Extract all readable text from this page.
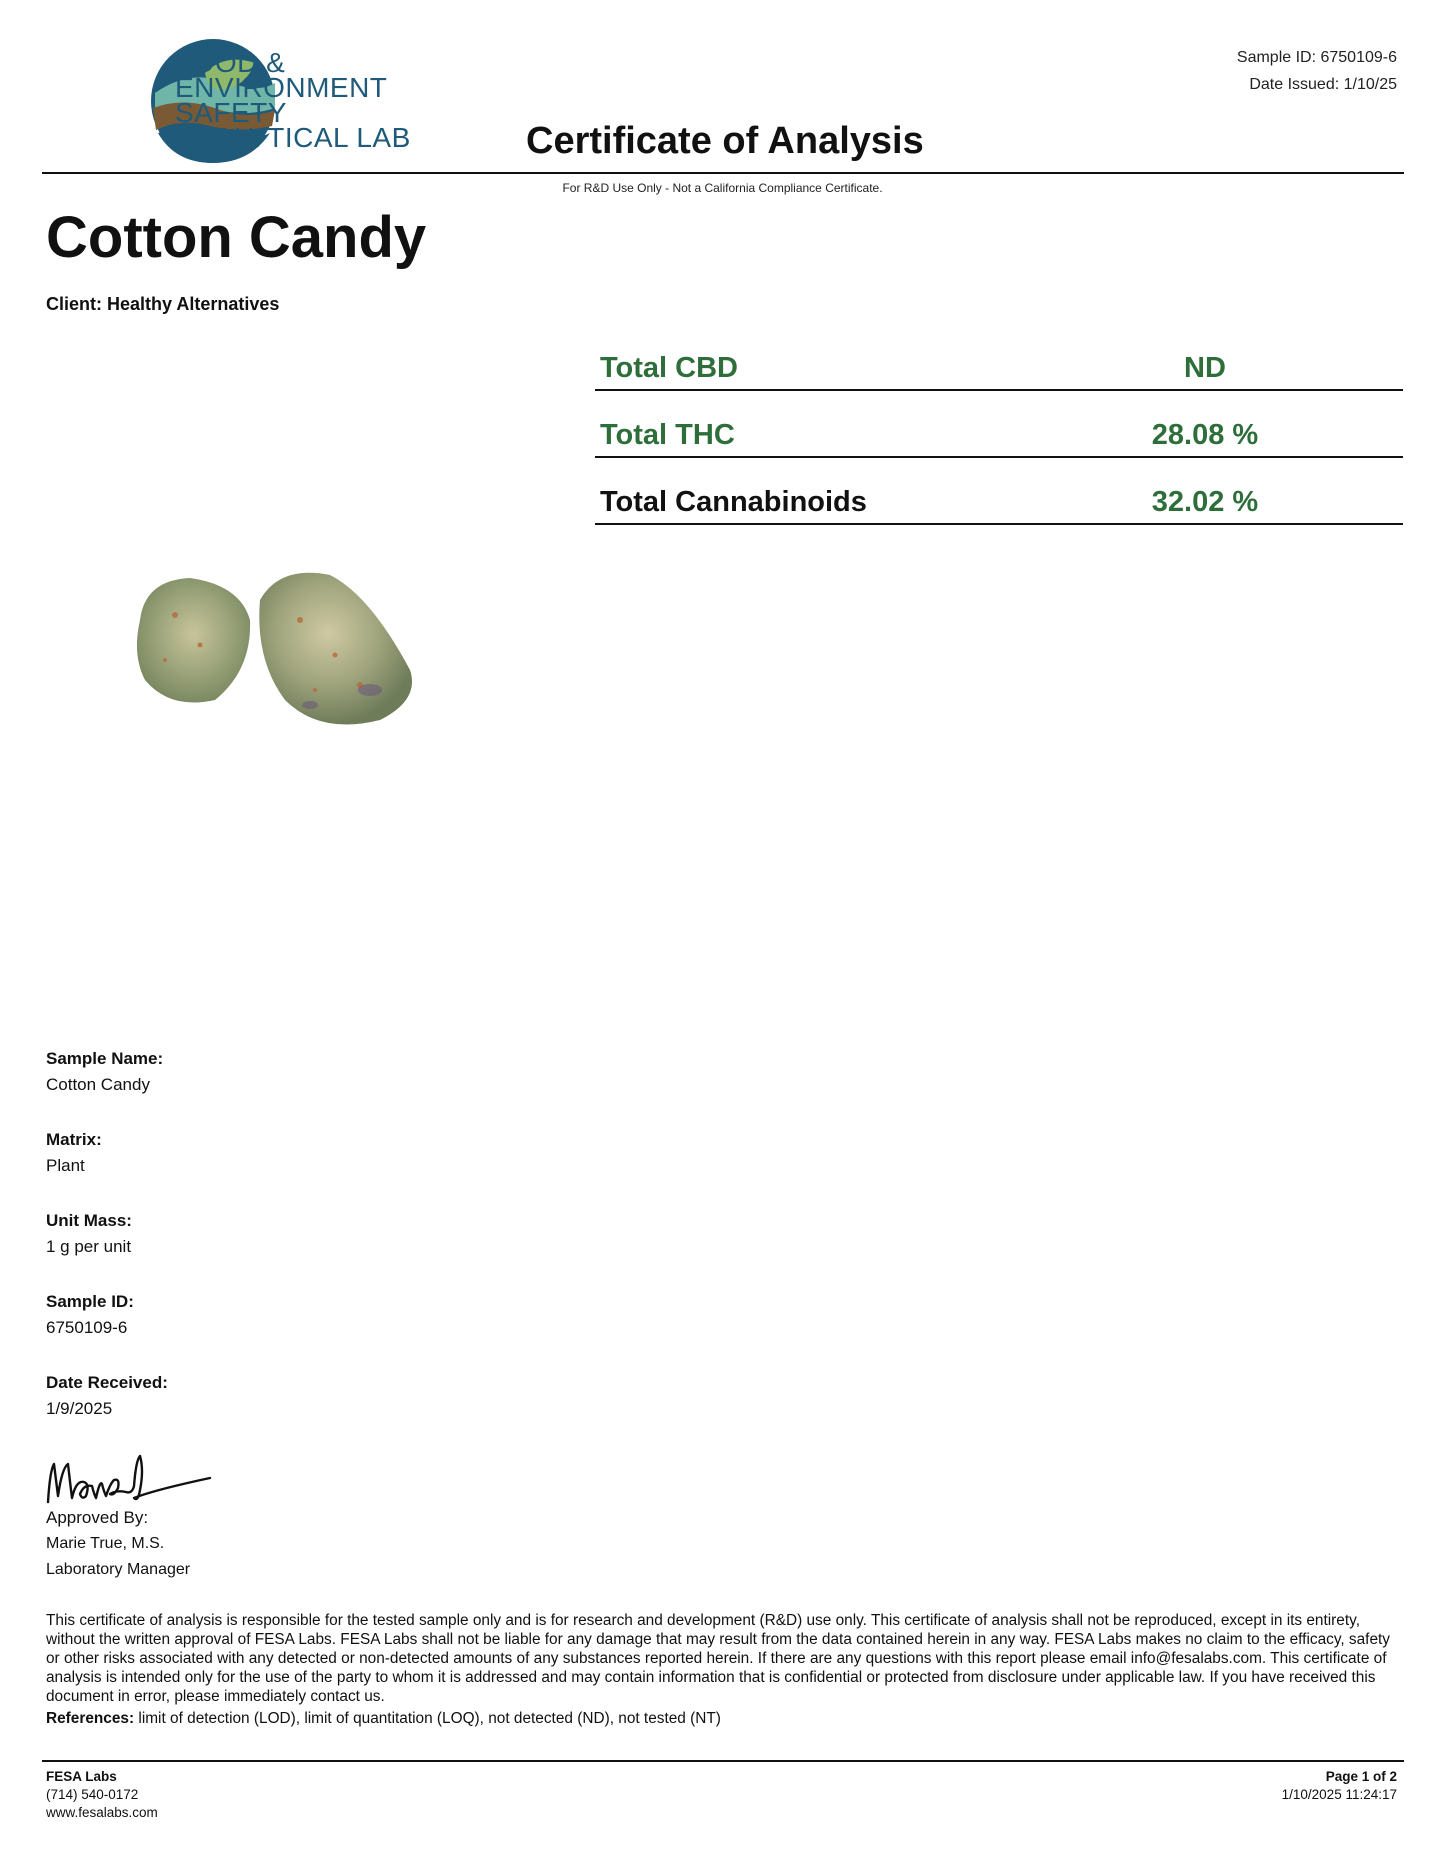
FOOD &
ENVIRONMENT
SAFETY
ANALYTICAL LAB
Sample ID: 6750109-6
Date Issued: 1/10/25
Certificate of Analysis
For R&D Use Only - Not a California Compliance Certificate.
Cotton Candy
Client: Healthy Alternatives
Total CBD	ND
Total THC	28.08 %
Total Cannabinoids	32.02 %
Sample Name:
Cotton Candy
Matrix:
Plant
Unit Mass:
1 g per unit
Sample ID:
6750109-6
Date Received:
1/9/2025
Approved By:
Marie True, M.S.
Laboratory Manager
This certificate of analysis is responsible for the tested sample only and is for research and development (R&D) use only. This certificate of analysis shall not be reproduced, except in its entirety, without the written approval of FESA Labs. FESA Labs shall not be liable for any damage that may result from the data contained herein in any way. FESA Labs makes no claim to the efficacy, safety or other risks associated with any detected or non-detected amounts of any substances reported herein. If there are any questions with this report please email info@fesalabs.com. This certificate of analysis is intended only for the use of the party to whom it is addressed and may contain information that is confidential or protected from disclosure under applicable law. If you have received this document in error, please immediately contact us.
References: limit of detection (LOD), limit of quantitation (LOQ), not detected (ND), not tested (NT)
FESA Labs
(714) 540-0172
www.fesalabs.com
Page 1 of 2
1/10/2025 11:24:17
